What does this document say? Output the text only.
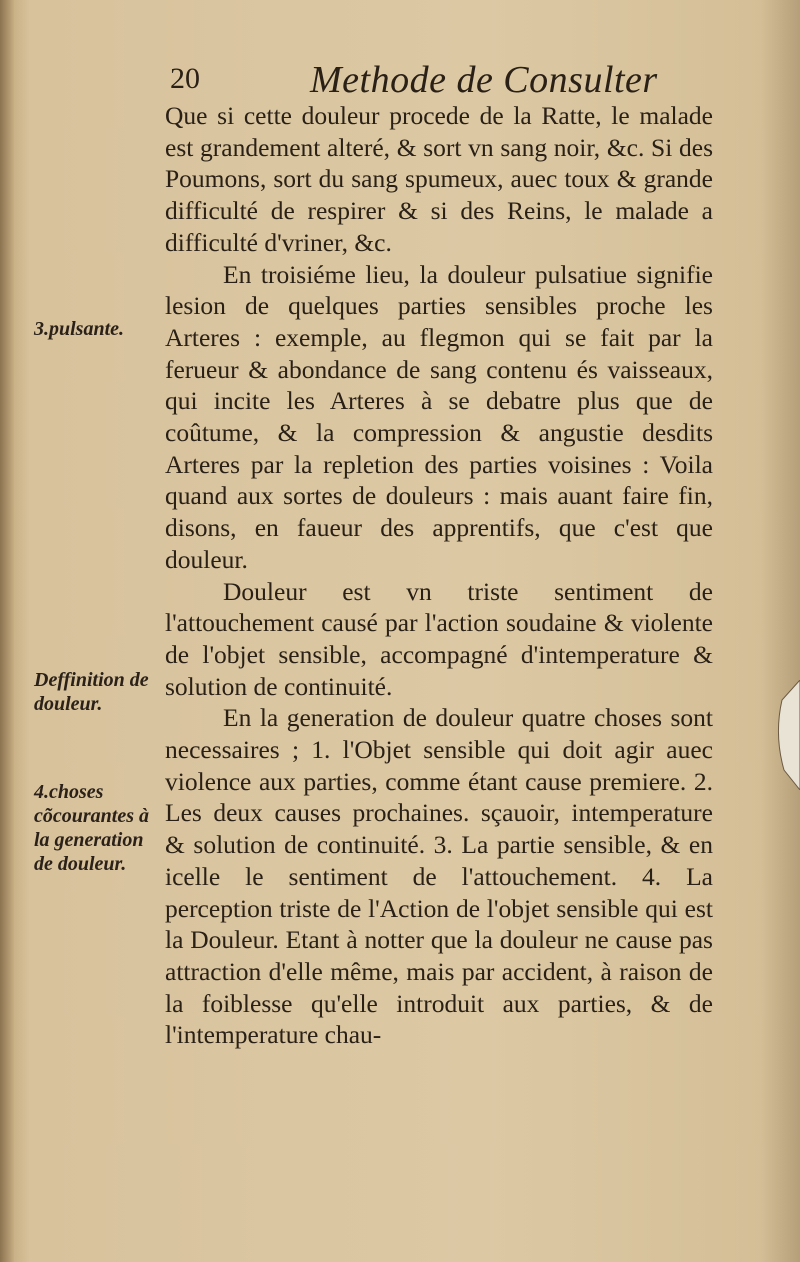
20	Methode de Consulter
3.pulsante.
Deffinition de douleur.
4.choses cõcourantes à la generation de douleur.

Que si cette douleur procede de la Ratte, le malade est grandement alteré, & sort vn sang noir, &c. Si des Poumons, sort du sang spumeux, auec toux & grande difficulté de respirer & si des Reins, le malade a difficulté d'vriner, &c.

En troisiéme lieu, la douleur pulsatiue signifie lesion de quelques parties sensibles proche les Arteres : exemple, au flegmon qui se fait par la ferueur & abondance de sang contenu és vaisseaux, qui incite les Arteres à se debatre plus que de coûtume, & la compression & angustie desdits Arteres par la repletion des parties voisines : Voila quand aux sortes de douleurs : mais auant faire fin, disons, en faueur des apprentifs, que c'est que douleur.

Douleur est vn triste sentiment de l'attouchement causé par l'action soudaine & violente de l'objet sensible, accompagné d'intemperature & solution de continuité.

En la generation de douleur quatre choses sont necessaires ; 1. l'Objet sensible qui doit agir auec violence aux parties, comme étant cause premiere. 2. Les deux causes prochaines. sçauoir, intemperature & solution de continuité. 3. La partie sensible, & en icelle le sentiment de l'attouchement. 4. La perception triste de l'Action de l'objet sensible qui est la Douleur. Etant à notter que la douleur ne cause pas attraction d'elle même, mais par accident, à raison de la foiblesse qu'elle introduit aux parties, & de l'intemperature chau-
